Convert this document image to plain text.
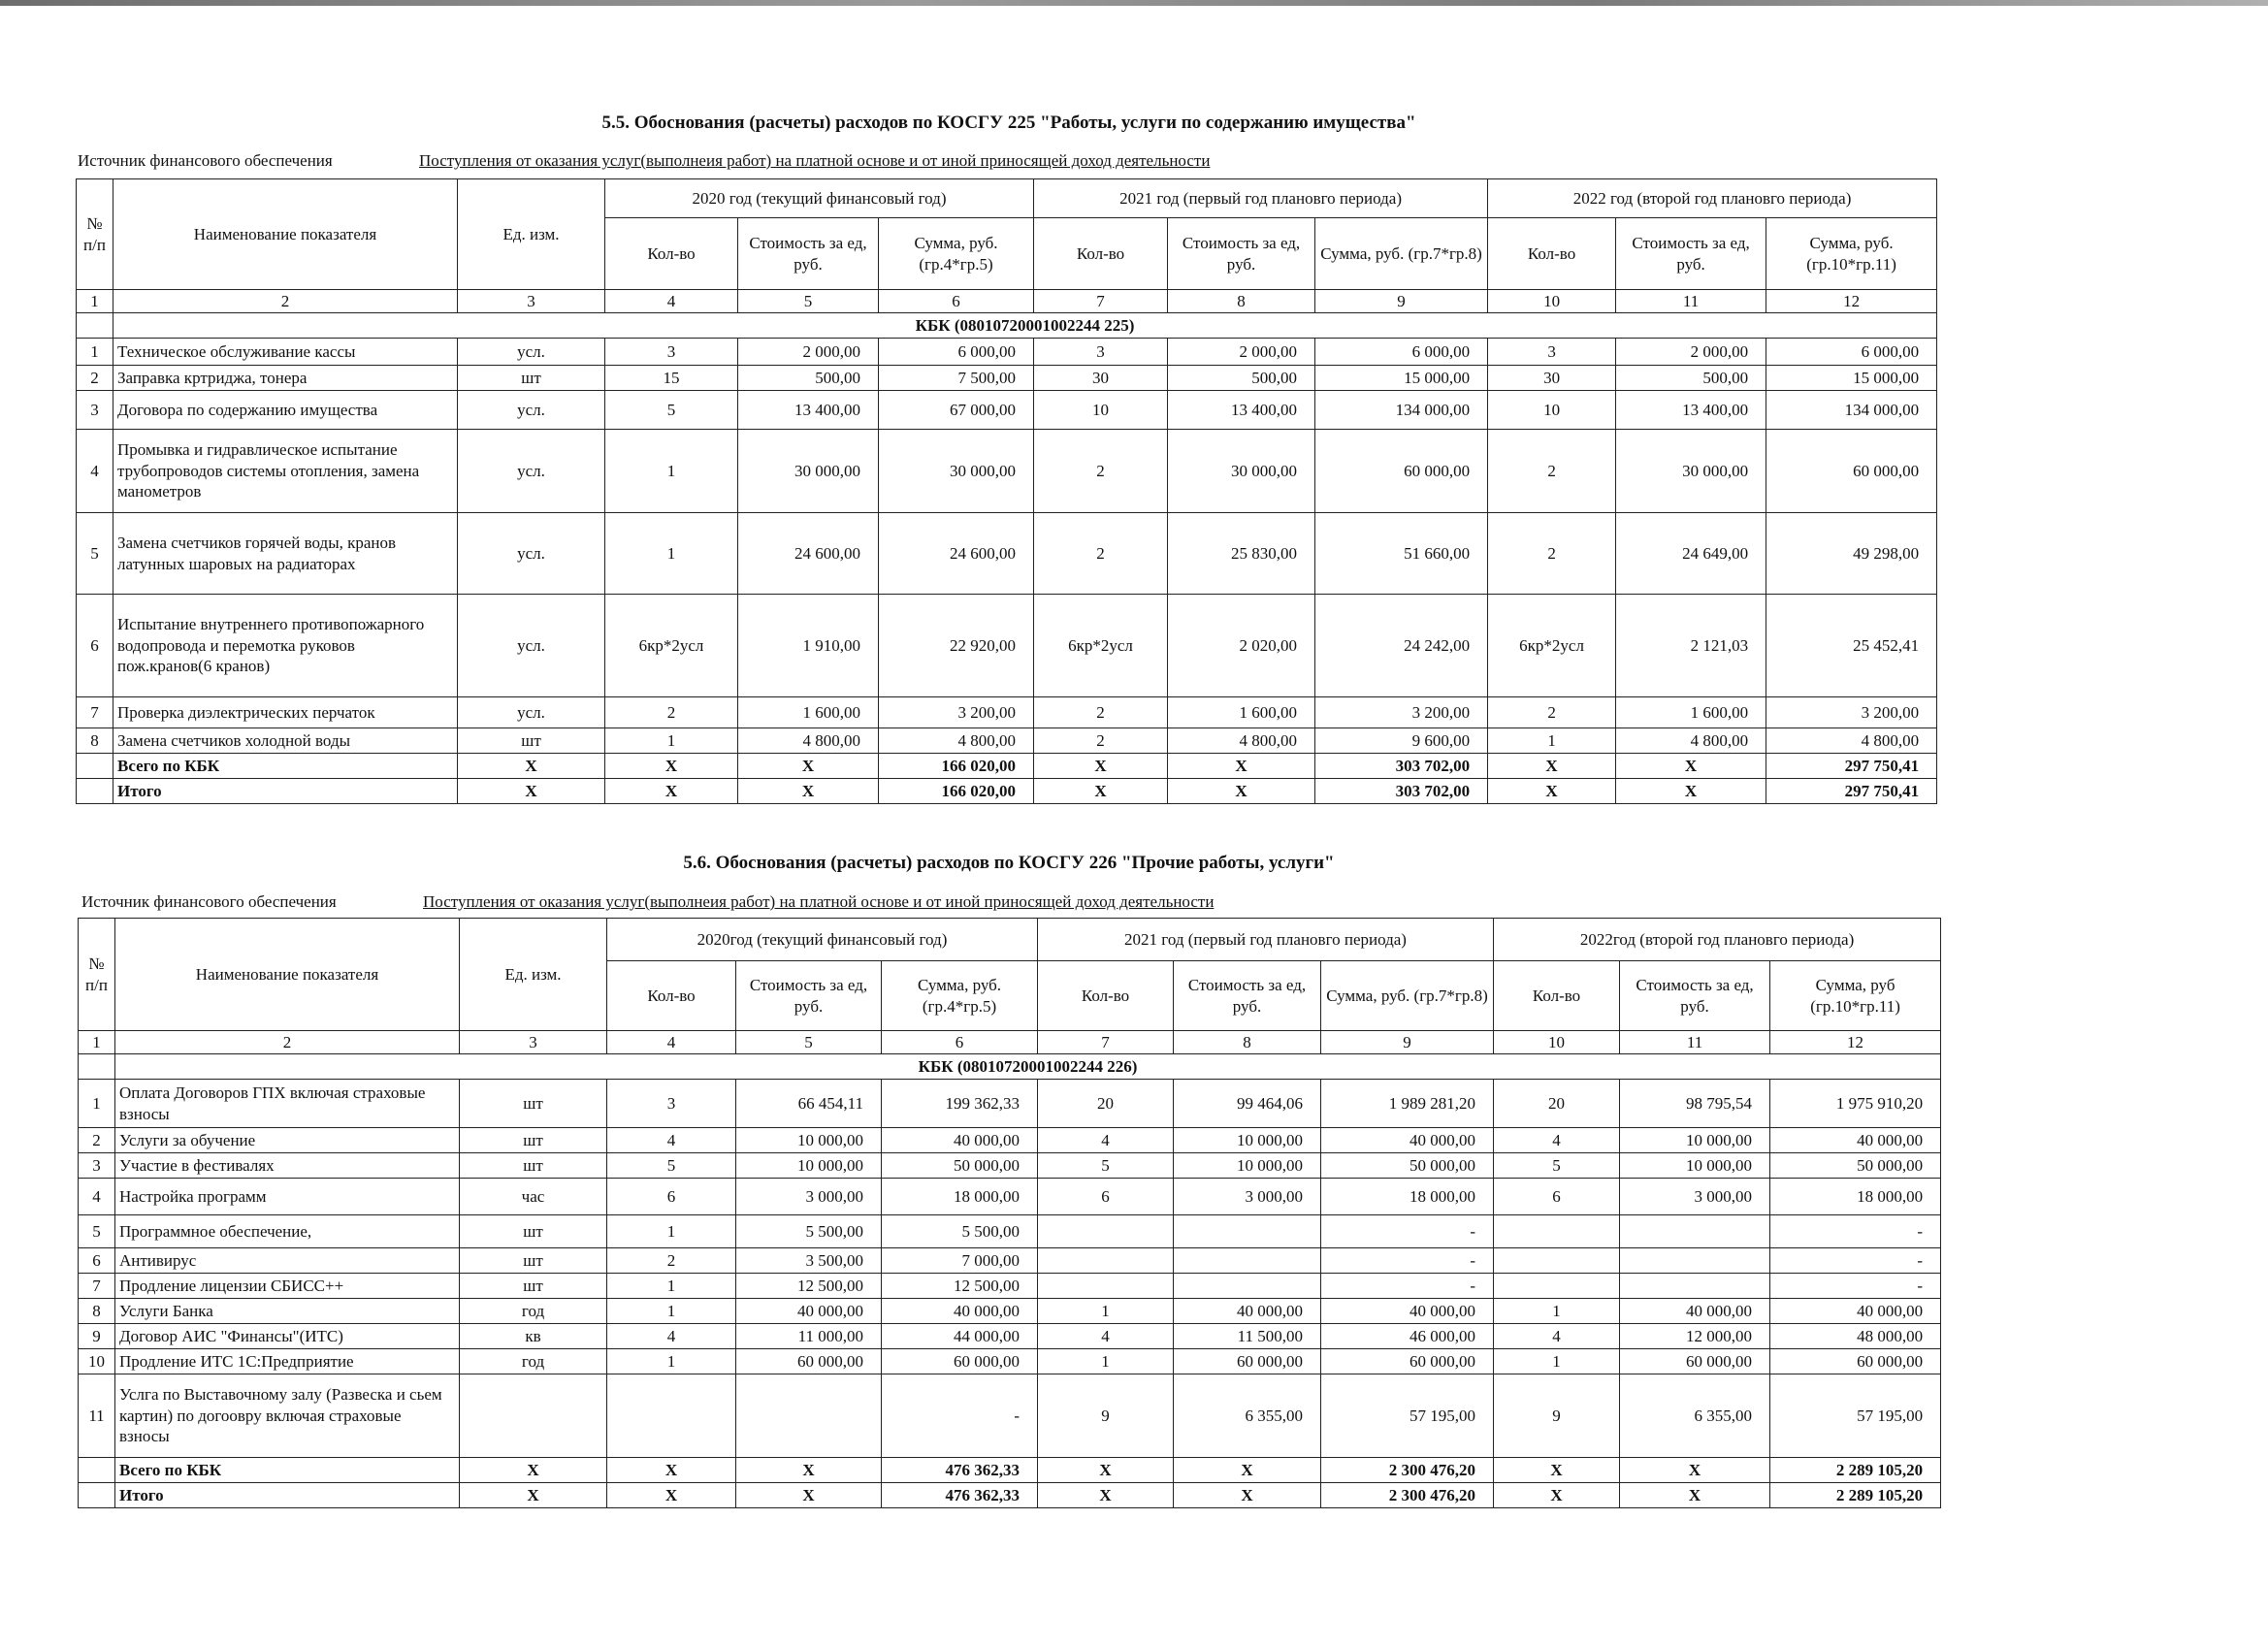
5.5. Обоснования (расчеты) расходов по КОСГУ 225 "Работы, услуги по содержанию имущества"
Источник финансового обеспечения	Поступления от оказания услуг(выполнеия работ) на платной основе и от иной приносящей доход деятельности
№ п/п	Наименование показателя	Ед. изм.	2020 год (текущий финансовый год)			2021 год (первый год плановго периода)			2022 год (второй год плановго периода)		
			Кол-во	Стоимость за ед, руб.	Сумма, руб. (гр.4*гр.5)	Кол-во	Стоимость за ед, руб.	Сумма, руб. (гр.7*гр.8)	Кол-во	Стоимость за ед, руб.	Сумма, руб. (гр.10*гр.11)
1	2	3	4	5	6	7	8	9	10	11	12
	КБК (08010720001002244 225)										
1	Техническое обслуживание кассы	усл.	3	2 000,00	6 000,00	3	2 000,00	6 000,00	3	2 000,00	6 000,00
2	Заправка кртриджа, тонера	шт	15	500,00	7 500,00	30	500,00	15 000,00	30	500,00	15 000,00
3	Договора по содержанию имущества	усл.	5	13 400,00	67 000,00	10	13 400,00	134 000,00	10	13 400,00	134 000,00
4	Промывка и гидравлическое испытание трубопроводов системы отопления, замена манометров	усл.	1	30 000,00	30 000,00	2	30 000,00	60 000,00	2	30 000,00	60 000,00
5	Замена счетчиков горячей воды, кранов латунных шаровых на радиаторах	усл.	1	24 600,00	24 600,00	2	25 830,00	51 660,00	2	24 649,00	49 298,00
6	Испытание внутреннего противопожарного водопровода и перемотка руковов пож.кранов(6 кранов)	усл.	6кр*2усл	1 910,00	22 920,00	6кр*2усл	2 020,00	24 242,00	6кр*2усл	2 121,03	25 452,41
7	Проверка диэлектрических перчаток	усл.	2	1 600,00	3 200,00	2	1 600,00	3 200,00	2	1 600,00	3 200,00
8	Замена счетчиков холодной воды	шт	1	4 800,00	4 800,00	2	4 800,00	9 600,00	1	4 800,00	4 800,00
	Всего по КБК	X	X	X	166 020,00	X	X	303 702,00	X	X	297 750,41
	Итого	X	X	X	166 020,00	X	X	303 702,00	X	X	297 750,41
5.6. Обоснования (расчеты) расходов по КОСГУ 226 "Прочие работы, услуги"
Источник финансового обеспечения	Поступления от оказания услуг(выполнеия работ) на платной основе и от иной приносящей доход деятельности
№ п/п	Наименование показателя	Ед. изм.	2020год (текущий финансовый год)			2021 год (первый год плановго периода)			2022год (второй год плановго периода)		
			Кол-во	Стоимость за ед, руб.	Сумма, руб. (гр.4*гр.5)	Кол-во	Стоимость за ед, руб.	Сумма, руб. (гр.7*гр.8)	Кол-во	Стоимость за ед, руб.	Сумма, руб (гр.10*гр.11)
1	2	3	4	5	6	7	8	9	10	11	12
	КБК (08010720001002244 226)										
1	Оплата Договоров ГПХ включая страховые взносы	шт	3	66 454,11	199 362,33	20	99 464,06	1 989 281,20	20	98 795,54	1 975 910,20
2	Услуги за обучение	шт	4	10 000,00	40 000,00	4	10 000,00	40 000,00	4	10 000,00	40 000,00
3	Участие в фестивалях	шт	5	10 000,00	50 000,00	5	10 000,00	50 000,00	5	10 000,00	50 000,00
4	Настройка программ	час	6	3 000,00	18 000,00	6	3 000,00	18 000,00	6	3 000,00	18 000,00
5	Программное обеспечение,	шт	1	5 500,00	5 500,00			-			-
6	Антивирус	шт	2	3 500,00	7 000,00			-			-
7	Продление лицензии СБИСС++	шт	1	12 500,00	12 500,00			-			-
8	Услуги Банка	год	1	40 000,00	40 000,00	1	40 000,00	40 000,00	1	40 000,00	40 000,00
9	Договор АИС "Финансы"(ИТС)	кв	4	11 000,00	44 000,00	4	11 500,00	46 000,00	4	12 000,00	48 000,00
10	Продление ИТС 1С:Предприятие	год	1	60 000,00	60 000,00	1	60 000,00	60 000,00	1	60 000,00	60 000,00
11	Услга по Выставочному залу (Развеска и сьем картин) по догоовру включая страховые взносы				-	9	6 355,00	57 195,00	9	6 355,00	57 195,00
	Всего по КБК	X	X	X	476 362,33	X	X	2 300 476,20	X	X	2 289 105,20
	Итого	X	X	X	476 362,33	X	X	2 300 476,20	X	X	2 289 105,20
